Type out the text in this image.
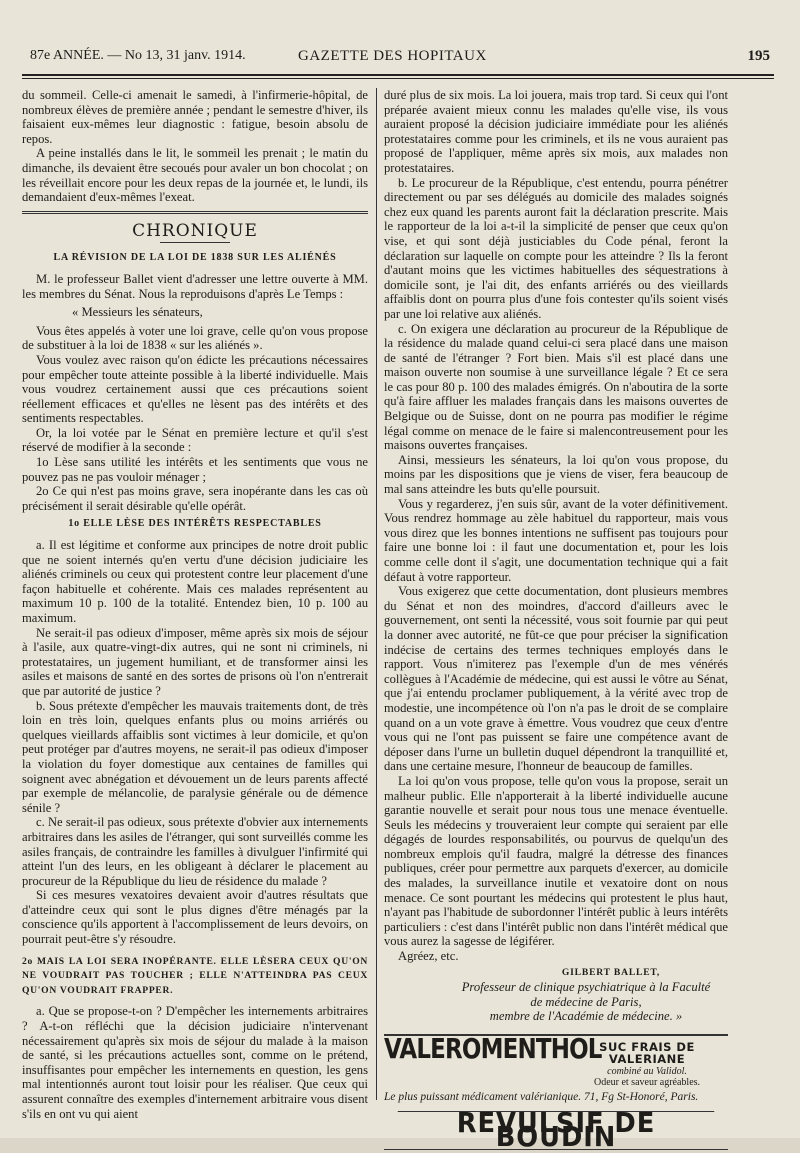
87e ANNÉE. — No 13, 31 janv. 1914.	GAZETTE DES HOPITAUX	195

du sommeil. Celle-ci amenait le samedi, à l'infirmerie-hôpital, de nombreux élèves de première année ; pendant le semestre d'hiver, ils faisaient eux-mêmes leur diagnostic : fatigue, besoin absolu de repos.

A peine installés dans le lit, le sommeil les prenait ; le matin du dimanche, ils devaient être secoués pour avaler un bon chocolat ; on les réveillait encore pour les deux repas de la journée et, le lundi, ils demandaient d'eux-mêmes l'exeat.

CHRONIQUE
LA RÉVISION DE LA LOI DE 1838 SUR LES ALIÉNÉS

M. le professeur Ballet vient d'adresser une lettre ouverte à MM. les membres du Sénat. Nous la reproduisons d'après Le Temps :

« Messieurs les sénateurs,

Vous êtes appelés à voter une loi grave, celle qu'on vous propose de substituer à la loi de 1838 « sur les aliénés ».

Vous voulez avec raison qu'on édicte les précautions nécessaires pour empêcher toute atteinte possible à la liberté individuelle. Mais vous voudrez certainement aussi que ces précautions soient réellement efficaces et qu'elles ne lèsent pas des intérêts et des sentiments respectables.

Or, la loi votée par le Sénat en première lecture et qu'il s'est réservé de modifier à la seconde :

1o Lèse sans utilité les intérêts et les sentiments que vous ne pouvez pas ne pas vouloir ménager ;

2o Ce qui n'est pas moins grave, sera inopérante dans les cas où précisément il serait désirable qu'elle opérât.

1o ELLE LÈSE DES INTÉRÊTS RESPECTABLES

a. Il est légitime et conforme aux principes de notre droit public que ne soient internés qu'en vertu d'une décision judiciaire les aliénés criminels ou ceux qui protestent contre leur placement d'une façon habituelle et cohérente. Mais ces malades représentent au maximum 10 p. 100 de la totalité. Entendez bien, 10 p. 100 au maximum.

Ne serait-il pas odieux d'imposer, même après six mois de séjour à l'asile, aux quatre-vingt-dix autres, qui ne sont ni criminels, ni protestataires, un jugement humiliant, et de transformer ainsi les asiles et maisons de santé en des sortes de prisons où l'on n'entrerait que par autorité de justice ?

b. Sous prétexte d'empêcher les mauvais traitements dont, de très loin en très loin, quelques enfants plus ou moins arriérés ou quelques vieillards affaiblis sont victimes à leur domicile, et qu'on peut protéger par d'autres moyens, ne serait-il pas odieux d'imposer la violation du foyer domestique aux centaines de familles qui soignent avec abnégation et dévouement un de leurs parents affecté par exemple de mélancolie, de paralysie générale ou de démence sénile ?

c. Ne serait-il pas odieux, sous prétexte d'obvier aux internements arbitraires dans les asiles de l'étranger, qui sont surveillés comme les asiles français, de contraindre les familles à divulguer l'infirmité qui atteint l'un des leurs, en les obligeant à déclarer le placement au procureur de la République du lieu de résidence du malade ?

Si ces mesures vexatoires devaient avoir d'autres résultats que d'atteindre ceux qui sont le plus dignes d'être ménagés par la conscience qu'ils apportent à l'accomplissement de leurs devoirs, on pourrait peut-être s'y résoudre.

2o MAIS LA LOI SERA INOPÉRANTE. ELLE LÈSERA CEUX QU'ON NE VOUDRAIT PAS TOUCHER ; ELLE N'ATTEINDRA PAS CEUX QU'ON VOUDRAIT FRAPPER.

a. Que se propose-t-on ? D'empêcher les internements arbitraires ? A-t-on réfléchi que la décision judiciaire n'intervenant nécessairement qu'après six mois de séjour du malade à la maison de santé, si les précautions actuelles sont, comme on le prétend, insuffisantes pour empêcher les internements en question, les gens mal intentionnés auront tout loisir pour les réaliser. Que ceux qui assurent connaître des exemples d'internement arbitraire vous disent s'ils en ont vu qui aient

duré plus de six mois. La loi jouera, mais trop tard. Si ceux qui l'ont préparée avaient mieux connu les malades qu'elle vise, ils vous auraient proposé la décision judiciaire immédiate pour les aliénés protestataires comme pour les criminels, et ils ne vous auraient pas proposé de l'appliquer, même après six mois, aux malades non protestataires.

b. Le procureur de la République, c'est entendu, pourra pénétrer directement ou par ses délégués au domicile des malades soignés chez eux quand les parents auront fait la déclaration prescrite. Mais le rapporteur de la loi a-t-il la simplicité de penser que ceux qu'on vise, et qui sont déjà justiciables du Code pénal, feront la déclaration sur laquelle on compte pour les atteindre ? Ils la feront d'autant moins que les victimes habituelles des séquestrations à domicile sont, je l'ai dit, des enfants arriérés ou des vieillards affaiblis dont on pourra plus d'une fois contester qu'ils soient visés par une loi relative aux aliénés.

c. On exigera une déclaration au procureur de la République de la résidence du malade quand celui-ci sera placé dans une maison de santé de l'étranger ? Fort bien. Mais s'il est placé dans une maison ouverte non soumise à une surveillance légale ? Et ce sera le cas pour 80 p. 100 des malades émigrés. On n'aboutira de la sorte qu'à faire affluer les malades français dans les maisons ouvertes de Belgique ou de Suisse, dont on ne pourra pas modifier le régime légal comme on menace de le faire si malencontreusement pour les maisons ouvertes françaises.

Ainsi, messieurs les sénateurs, la loi qu'on vous propose, du moins par les dispositions que je viens de viser, fera beaucoup de mal sans atteindre les buts qu'elle poursuit.

Vous y regarderez, j'en suis sûr, avant de la voter définitivement. Vous rendrez hommage au zèle habituel du rapporteur, mais vous vous direz que les bonnes intentions ne suffisent pas toujours pour faire une bonne loi : il faut une documentation et, pour les lois comme celle dont il s'agit, une documentation technique qui a fait défaut à votre rapporteur.

Vous exigerez que cette documentation, dont plusieurs membres du Sénat et non des moindres, d'accord d'ailleurs avec le gouvernement, ont senti la nécessité, vous soit fournie par qui peut la donner avec autorité, ne fût-ce que pour préciser la signification indécise de certains des termes techniques employés dans le rapport. Vous n'imiterez pas l'exemple d'un de mes vénérés collègues à l'Académie de médecine, qui est aussi le vôtre au Sénat, que j'ai entendu proclamer publiquement, à la vérité avec trop de modestie, une incompétence où l'on n'a pas le droit de se complaire quand on a un vote grave à émettre. Vous voudrez que ceux d'entre vous qui ne l'ont pas puissent se faire une compétence avant de déposer dans l'urne un bulletin duquel dépendront la tranquillité et, dans une certaine mesure, l'honneur de beaucoup de familles.

La loi qu'on vous propose, telle qu'on vous la propose, serait un malheur public. Elle n'apporterait à la liberté individuelle aucune garantie nouvelle et serait pour nous tous une menace éventuelle. Seuls les médecins y trouveraient leur compte qui seraient par elle dégagés de lourdes responsabilités, ou pourvus de quelqu'un des nombreux emplois qu'il faudra, malgré la détresse des finances publiques, créer pour permettre aux parquets d'exercer, au domicile des malades, la surveillance inutile et vexatoire dont on nous menace. Ce sont pourtant les médecins qui protestent le plus haut, n'ayant pas l'habitude de subordonner l'intérêt public à leurs intérêts particuliers : c'est dans l'intérêt public non dans l'intérêt médical que vous aurez la sagesse de légiférer.

Agréez, etc.

GILBERT BALLET,
Professeur de clinique psychiatrique à la Faculté
de médecine de Paris,
membre de l'Académie de médecine. »
VALEROMENTHOLSUC FRAIS DE VALERIANE
combiné au Validol.
Odeur et saveur agréables.
Le plus puissant médicament valérianique. 71, Fg St-Honoré, Paris.
REVULSIF DE BOUDIN
